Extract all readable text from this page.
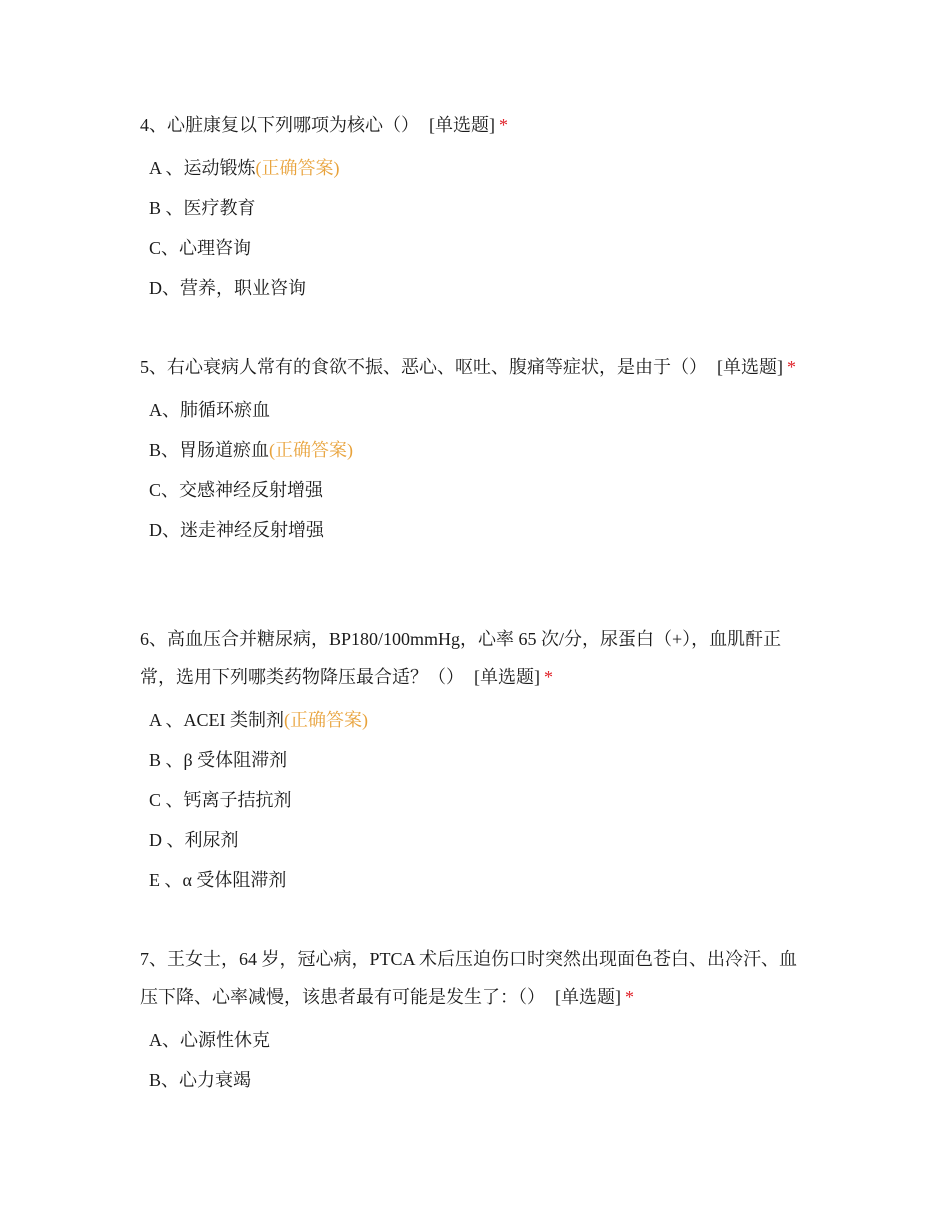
4、心脏康复以下列哪项为核心（） [单选题] *

A 、运动锻炼(正确答案)
B 、医疗教育
C、心理咨询
D、营养，职业咨询

5、右心衰病人常有的食欲不振、恶心、呕吐、腹痛等症状，是由于（） [单选题] *

A、肺循环瘀血
B、胃肠道瘀血(正确答案)
C、交感神经反射增强
D、迷走神经反射增强

6、高血压合并糖尿病，BP180/100mmHg，心率 65 次/分，尿蛋白（+），血肌酐正常，选用下列哪类药物降压最合适？（） [单选题] *

A 、ACEI 类制剂(正确答案)
B 、β 受体阻滞剂
C 、钙离子拮抗剂
D 、利尿剂
E 、α 受体阻滞剂

7、王女士，64 岁，冠心病，PTCA 术后压迫伤口时突然出现面色苍白、出冷汗、血压下降、心率减慢，该患者最有可能是发生了：（） [单选题] *

A、心源性休克
B、心力衰竭
